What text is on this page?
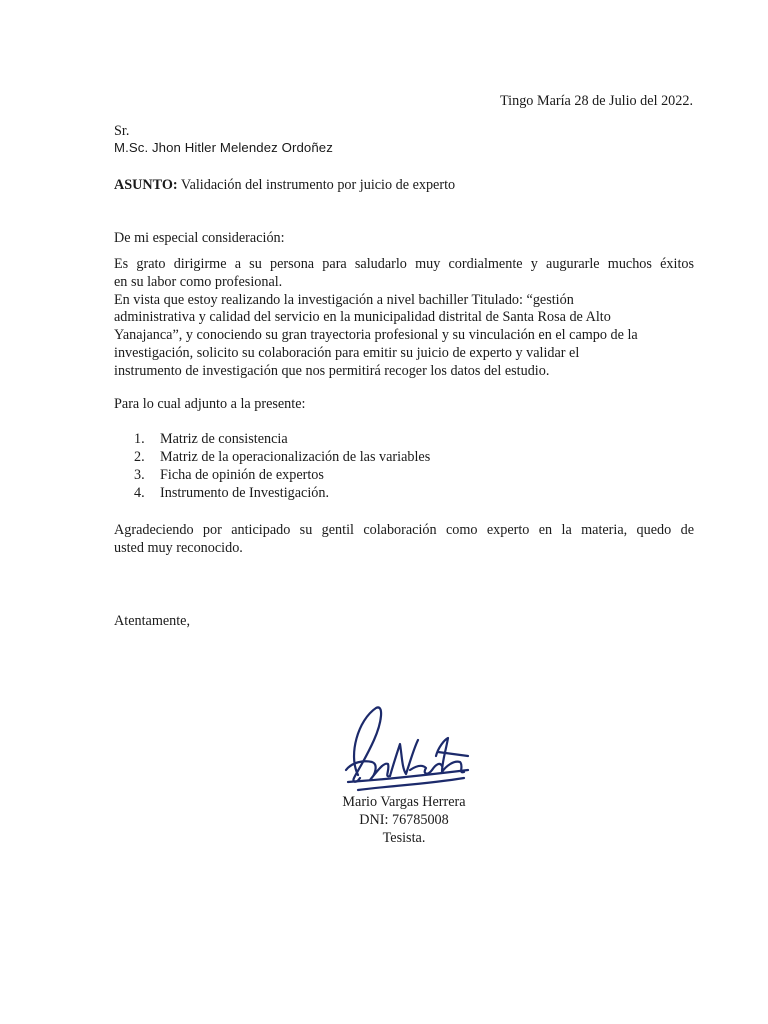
Tingo María 28 de Julio del 2022.
Sr.
M.Sc. Jhon Hitler Melendez Ordoñez
ASUNTO: Validación del instrumento por juicio de experto
De mi especial consideración:
Es grato dirigirme a su persona para saludarlo muy cordialmente y augurarle muchos éxitos
en su labor como profesional.
En vista que estoy realizando la investigación a nivel bachiller Titulado: “gestión
administrativa y calidad del servicio en la municipalidad distrital de Santa Rosa de Alto
Yanajanca”, y conociendo su gran trayectoria profesional y su vinculación en el campo de la
investigación, solicito su colaboración para emitir su juicio de experto y validar el
instrumento de investigación que nos permitirá recoger los datos del estudio.
Para lo cual adjunto a la presente:
1.	Matriz de consistencia
2.	Matriz de la operacionalización de las variables
3.	Ficha de opinión de expertos
4.	Instrumento de Investigación.
Agradeciendo por anticipado su gentil colaboración como experto en la materia, quedo de
usted muy reconocido.
Atentamente,
Mario Vargas Herrera
DNI: 76785008
Tesista.
